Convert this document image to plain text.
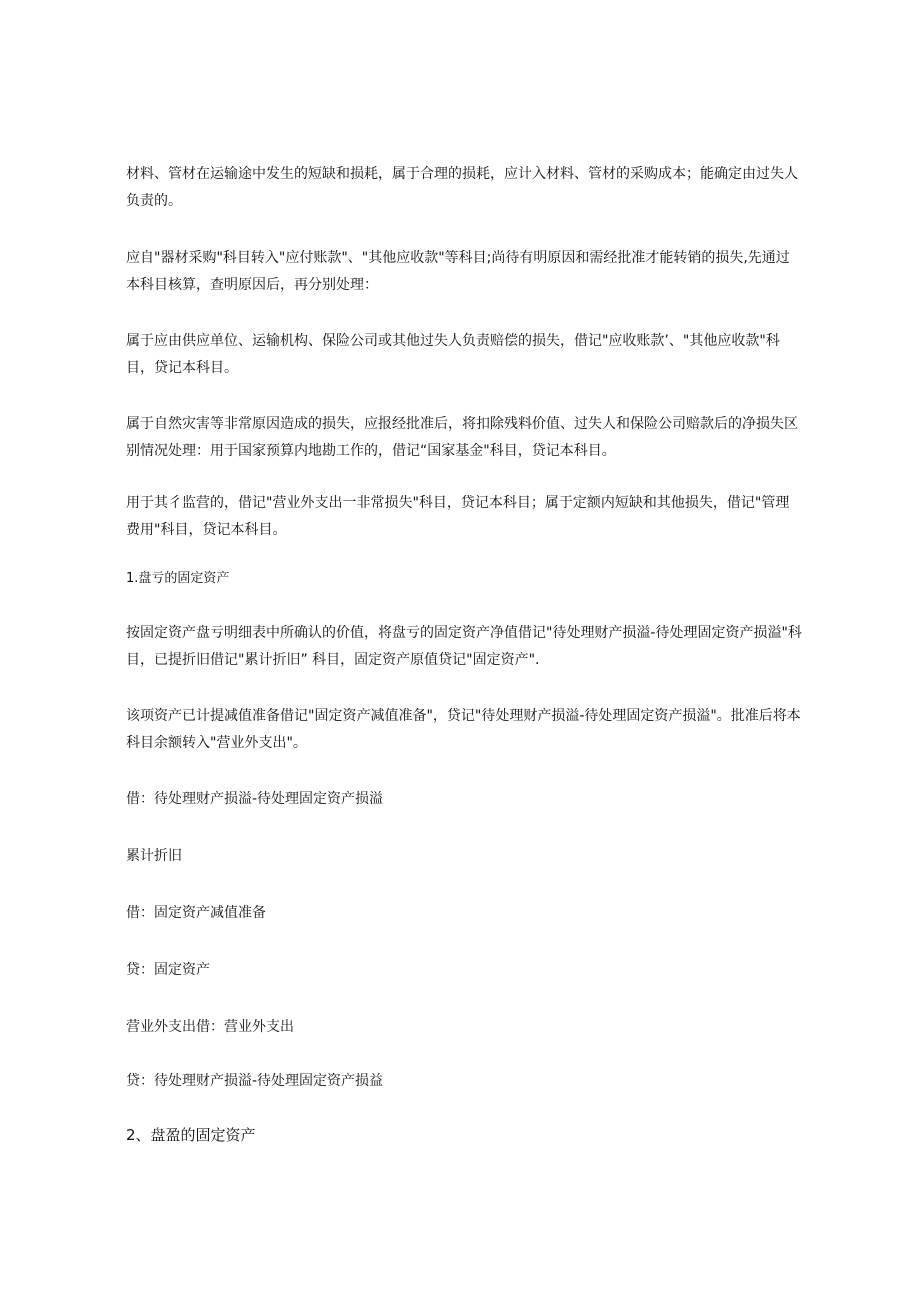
材料、管材在运输途中发生的短缺和损耗，属于合理的损耗，应计入材料、管材的采购成本；能确定由过失人负责的。

应自"器材采购"科目转入"应付账款"、"其他应收款"等科目;尚待有明原因和需经批准才能转销的损失,先通过本科目核算，查明原因后，再分别处理：

属于应由供应单位、运输机构、保险公司或其他过失人负责赔偿的损失，借记"应收账款’、"其他应收款"科目，贷记本科目。

属于自然灾害等非常原因造成的损失，应报经批准后，将扣除残料价值、过失人和保险公司赔款后的净损失区别情况处理：用于国家预算内地勘工作的，借记“国家基金"科目，贷记本科目。

用于其彳监营的，借记"营业外支出一非常损失"科目，贷记本科目；属于定额内短缺和其他损失，借记"管理费用"科目，贷记本科目。

1.盘亏的固定资产

按固定资产盘亏明细表中所确认的价值，将盘亏的固定资产净值借记"待处理财产损溢-待处理固定资产损溢"科目，已提折旧借记"累计折旧” 科目，固定资产原值贷记"固定资产".

该项资产已计提减值准备借记"固定资产减值准备"，贷记"待处理财产损溢-待处理固定资产损溢"。批准后将本科目余额转入"营业外支出"。

借：待处理财产损溢-待处理固定资产损溢

累计折旧

借：固定资产减值准备

贷：固定资产

营业外支出借：营业外支出

贷：待处理财产损溢-待处理固定资产损益

2、盘盈的固定资产
